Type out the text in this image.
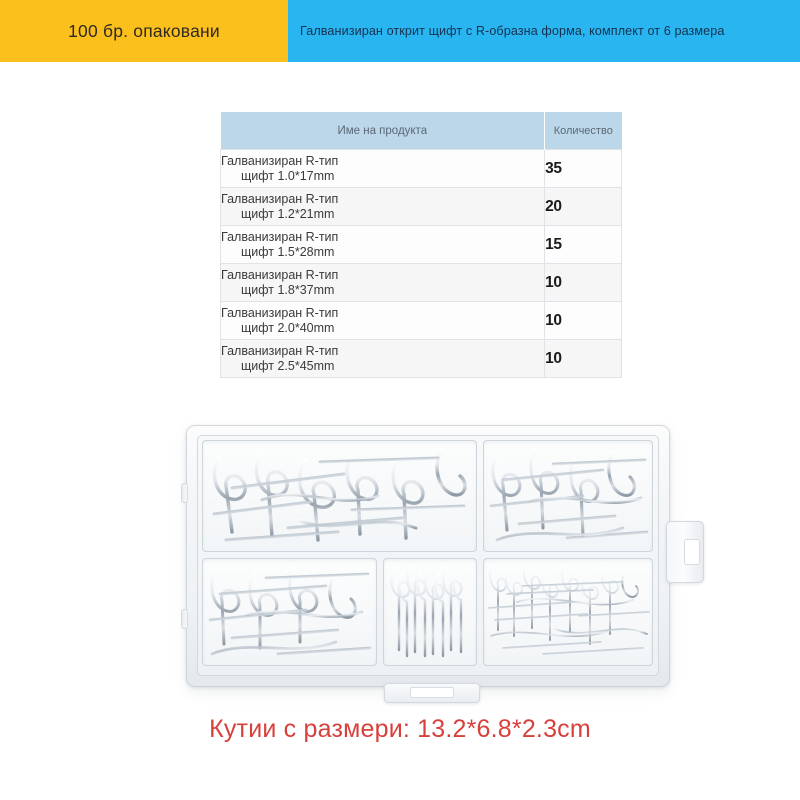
100 бр. опаковани	Галванизиран открит щифт с R-образна форма, комплект от 6 размера
Име на продукта	Количество

Галванизиран R-тип
щифт 1.0*17mm	35

Галванизиран R-тип
щифт 1.2*21mm	20

Галванизиран R-тип
щифт 1.5*28mm	15

Галванизиран R-тип
щифт 1.8*37mm	10

Галванизиран R-тип
щифт 2.0*40mm	10

Галванизиран R-тип
щифт 2.5*45mm	10
Кутии с размери: 13.2*6.8*2.3cm
